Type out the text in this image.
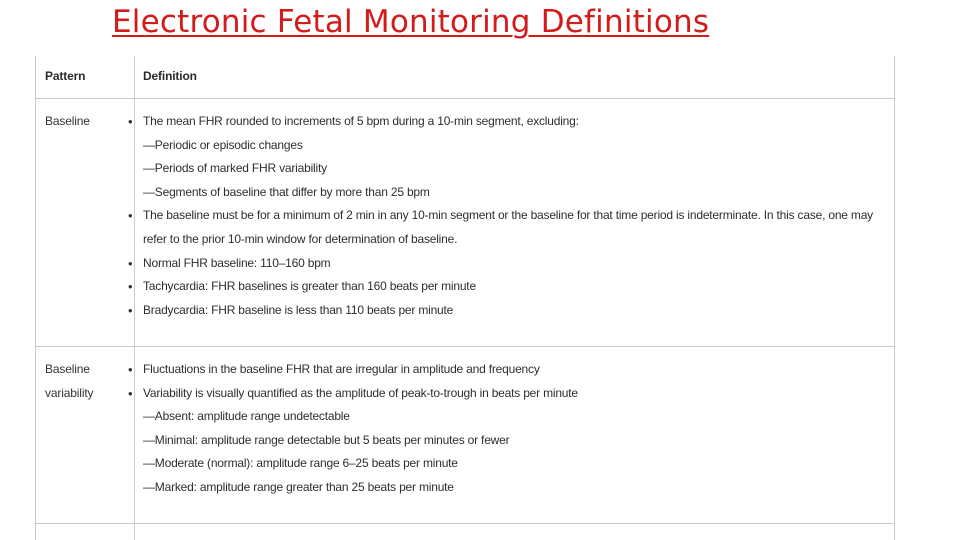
Electronic Fetal Monitoring Definitions
Pattern	Definition
Baseline
•	The mean FHR rounded to increments of 5 bpm during a 10-min segment, excluding:
—Periodic or episodic changes
—Periods of marked FHR variability
—Segments of baseline that differ by more than 25 bpm
• The baseline must be for a minimum of 2 min in any 10-min segment or the baseline for that time period is indeterminate. In this case, one may
refer to the prior 10-min window for determination of baseline.
• Normal FHR baseline: 110–160 bpm
• Tachycardia: FHR baselines is greater than 160 beats per minute
• Bradycardia: FHR baseline is less than 110 beats per minute
Baseline
variability
• Fluctuations in the baseline FHR that are irregular in amplitude and frequency
• Variability is visually quantified as the amplitude of peak-to-trough in beats per minute
—Absent: amplitude range undetectable
—Minimal: amplitude range detectable but 5 beats per minutes or fewer
—Moderate (normal): amplitude range 6–25 beats per minute
—Marked: amplitude range greater than 25 beats per minute
